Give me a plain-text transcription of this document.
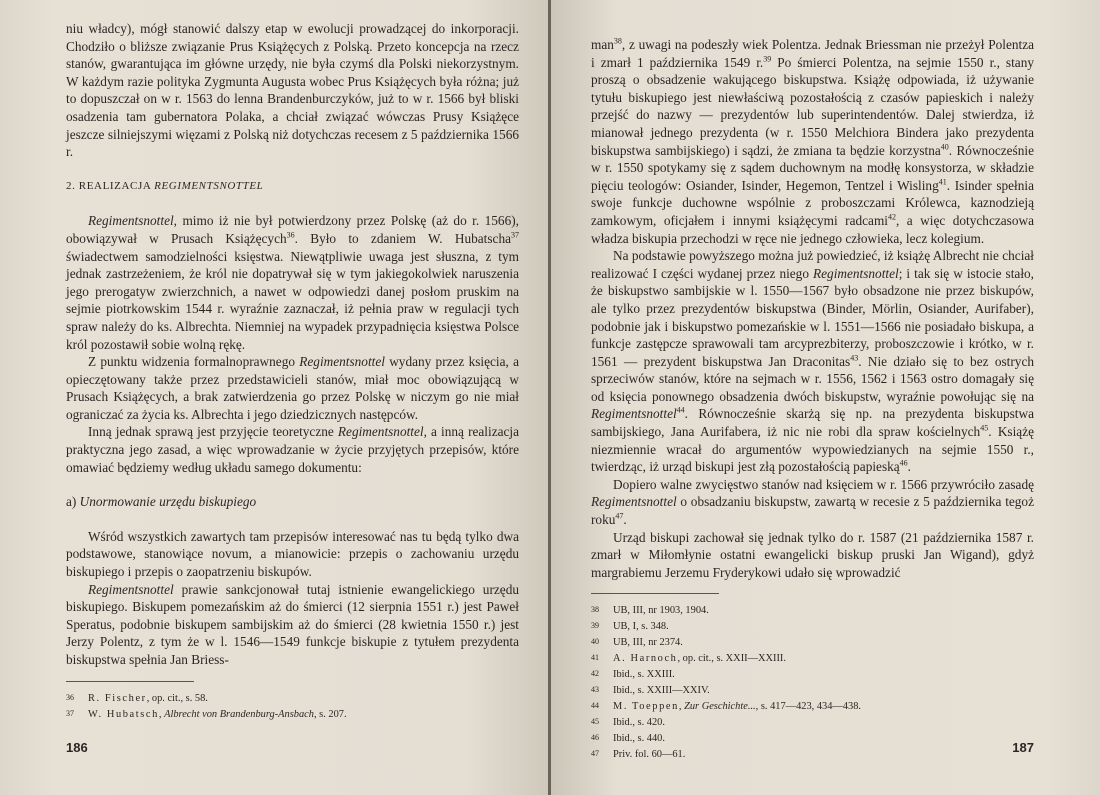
niu władcy), mógł stanowić dalszy etap w ewolucji prowadzącej do inkorporacji. Chodziło o bliższe związanie Prus Książęcych z Polską. Przeto koncepcja na rzecz stanów, gwarantująca im główne urzędy, nie była czymś dla Polski niekorzystnym. W każdym razie polityka Zygmunta Augusta wobec Prus Książęcych była różna; już to dopuszczał on w r. 1563 do lenna Brandenburczyków, już to w r. 1566 był bliski osadzenia tam gubernatora Polaka, a chciał związać wówczas Prusy Książęce jeszcze silniejszymi więzami z Polską niż dotychczas recesem z 5 października 1566 r.

2. REALIZACJA REGIMENTSNOTTEL

Regimentsnottel, mimo iż nie był potwierdzony przez Polskę (aż do r. 1566), obowiązywał w Prusach Książęcych$^{36}$. Było to zdaniem W. Hubatscha$^{37}$ świadectwem samodzielności księstwa. Niewątpliwie uwaga jest słuszna, z tym jednak zastrzeżeniem, że król nie dopatrywał się w tym jakiegokolwiek naruszenia jego prerogatyw zwierzchnich, a nawet w odpowiedzi danej posłom pruskim na sejmie piotrkowskim 1544 r. wyraźnie zaznaczał, iż pełnia praw w regulacji tych spraw należy do ks. Albrechta. Niemniej na wypadek przypadnięcia księstwa Polsce król pozostawił sobie wolną rękę.

Z punktu widzenia formalnoprawnego Regimentsnottel wydany przez księcia, a opieczętowany także przez przedstawicieli stanów, miał moc obowiązującą w Prusach Książęcych, a brak zatwierdzenia go przez Polskę w niczym go nie miał ograniczać za życia ks. Albrechta i jego dziedzicznych następców.

Inną jednak sprawą jest przyjęcie teoretyczne Regimentsnottel, a inną realizacja praktyczna jego zasad, a więc wprowadzanie w życie przyjętych przepisów, które omawiać będziemy według układu samego dokumentu:

a) Unormowanie urzędu biskupiego

Wśród wszystkich zawartych tam przepisów interesować nas tu będą tylko dwa podstawowe, stanowiące novum, a mianowicie: przepis o zachowaniu urzędu biskupiego i przepis o zaopatrzeniu biskupów.

Regimentsnottel prawie sankcjonował tutaj istnienie ewangelickiego urzędu biskupiego. Biskupem pomezańskim aż do śmierci (12 sierpnia 1551 r.) jest Paweł Speratus, podobnie biskupem sambijskim aż do śmierci (28 kwietnia 1550 r.) jest Jerzy Polentz, z tym że w l. 1546—1549 funkcje biskupie z tytułem prezydenta biskupstwa spełnia Jan Briess-

36 R. Fischer, op. cit., s. 58.

37 W. Hubatsch, Albrecht von Brandenburg-Ansbach, s. 207.

186

man$^{38}$, z uwagi na podeszły wiek Polentza. Jednak Briessman nie przeżył Polentza i zmarł 1 października 1549 r.$^{39}$ Po śmierci Polentza, na sejmie 1550 r., stany proszą o obsadzenie wakującego biskupstwa. Książę odpowiada, iż używanie tytułu biskupiego jest niewłaściwą pozostałością z czasów papieskich i należy przejść do nazwy — prezydentów lub superintendentów. Dalej stwierdza, iż mianował jednego prezydenta (w r. 1550 Melchiora Bindera jako prezydenta biskupstwa sambijskiego) i sądzi, że zmiana ta będzie korzystna$^{40}$. Równocześnie w r. 1550 spotykamy się z sądem duchownym na modłę konsystorza, w składzie pięciu teologów: Osiander, Isinder, Hegemon, Tentzel i Wisling$^{41}$. Isinder spełnia swoje funkcje duchowne wspólnie z proboszczami Królewca, kaznodzieją zamkowym, oficjałem i innymi książęcymi radcami$^{42}$, a więc dotychczasowa władza biskupia przechodzi w ręce nie jednego człowieka, lecz kolegium.

Na podstawie powyższego można już powiedzieć, iż książę Albrecht nie chciał realizować I części wydanej przez niego Regimentsnottel; i tak się w istocie stało, że biskupstwo sambijskie w l. 1550—1567 było obsadzone nie przez biskupów, ale tylko przez prezydentów biskupstwa (Binder, Mörlin, Osiander, Aurifaber), podobnie jak i biskupstwo pomezańskie w l. 1551—1566 nie posiadało biskupa, a funkcje zastępcze sprawowali tam arcyprezbiterzy, proboszczowie i krótko, w r. 1561 — prezydent biskupstwa Jan Draconitas$^{43}$. Nie działo się to bez ostrych sprzeciwów stanów, które na sejmach w r. 1556, 1562 i 1563 ostro domagały się od księcia ponownego obsadzenia dwóch biskupstw, wyraźnie powołując się na Regimentsnottel$^{44}$. Równocześnie skarżą się np. na prezydenta biskupstwa sambijskiego, Jana Aurifabera, iż nic nie robi dla spraw kościelnych$^{45}$. Książę niezmiennie wracał do argumentów wypowiedzianych na sejmie 1550 r., twierdząc, iż urząd biskupi jest złą pozostałością papieską$^{46}$.

Dopiero walne zwycięstwo stanów nad księciem w r. 1566 przywróciło zasadę Regimentsnottel o obsadzaniu biskupstw, zawartą w recesie z 5 października tegoż roku$^{47}$.

Urząd biskupi zachował się jednak tylko do r. 1587 (21 października 1587 r. zmarł w Miłomłynie ostatni ewangelicki biskup pruski Jan Wigand), gdyż margrabiemu Jerzemu Fryderykowi udało się wprowadzić

38 UB, III, nr 1903, 1904.

39 UB, I, s. 348.

40 UB, III, nr 2374.

41 A. Harnoch, op. cit., s. XXII—XXIII.

42 Ibid., s. XXIII.

43 Ibid., s. XXIII—XXIV.

44 M. Toeppen, Zur Geschichte..., s. 417—423, 434—438.

45 Ibid., s. 420.

46 Ibid., s. 440.

47 Priv. fol. 60—61.	187
